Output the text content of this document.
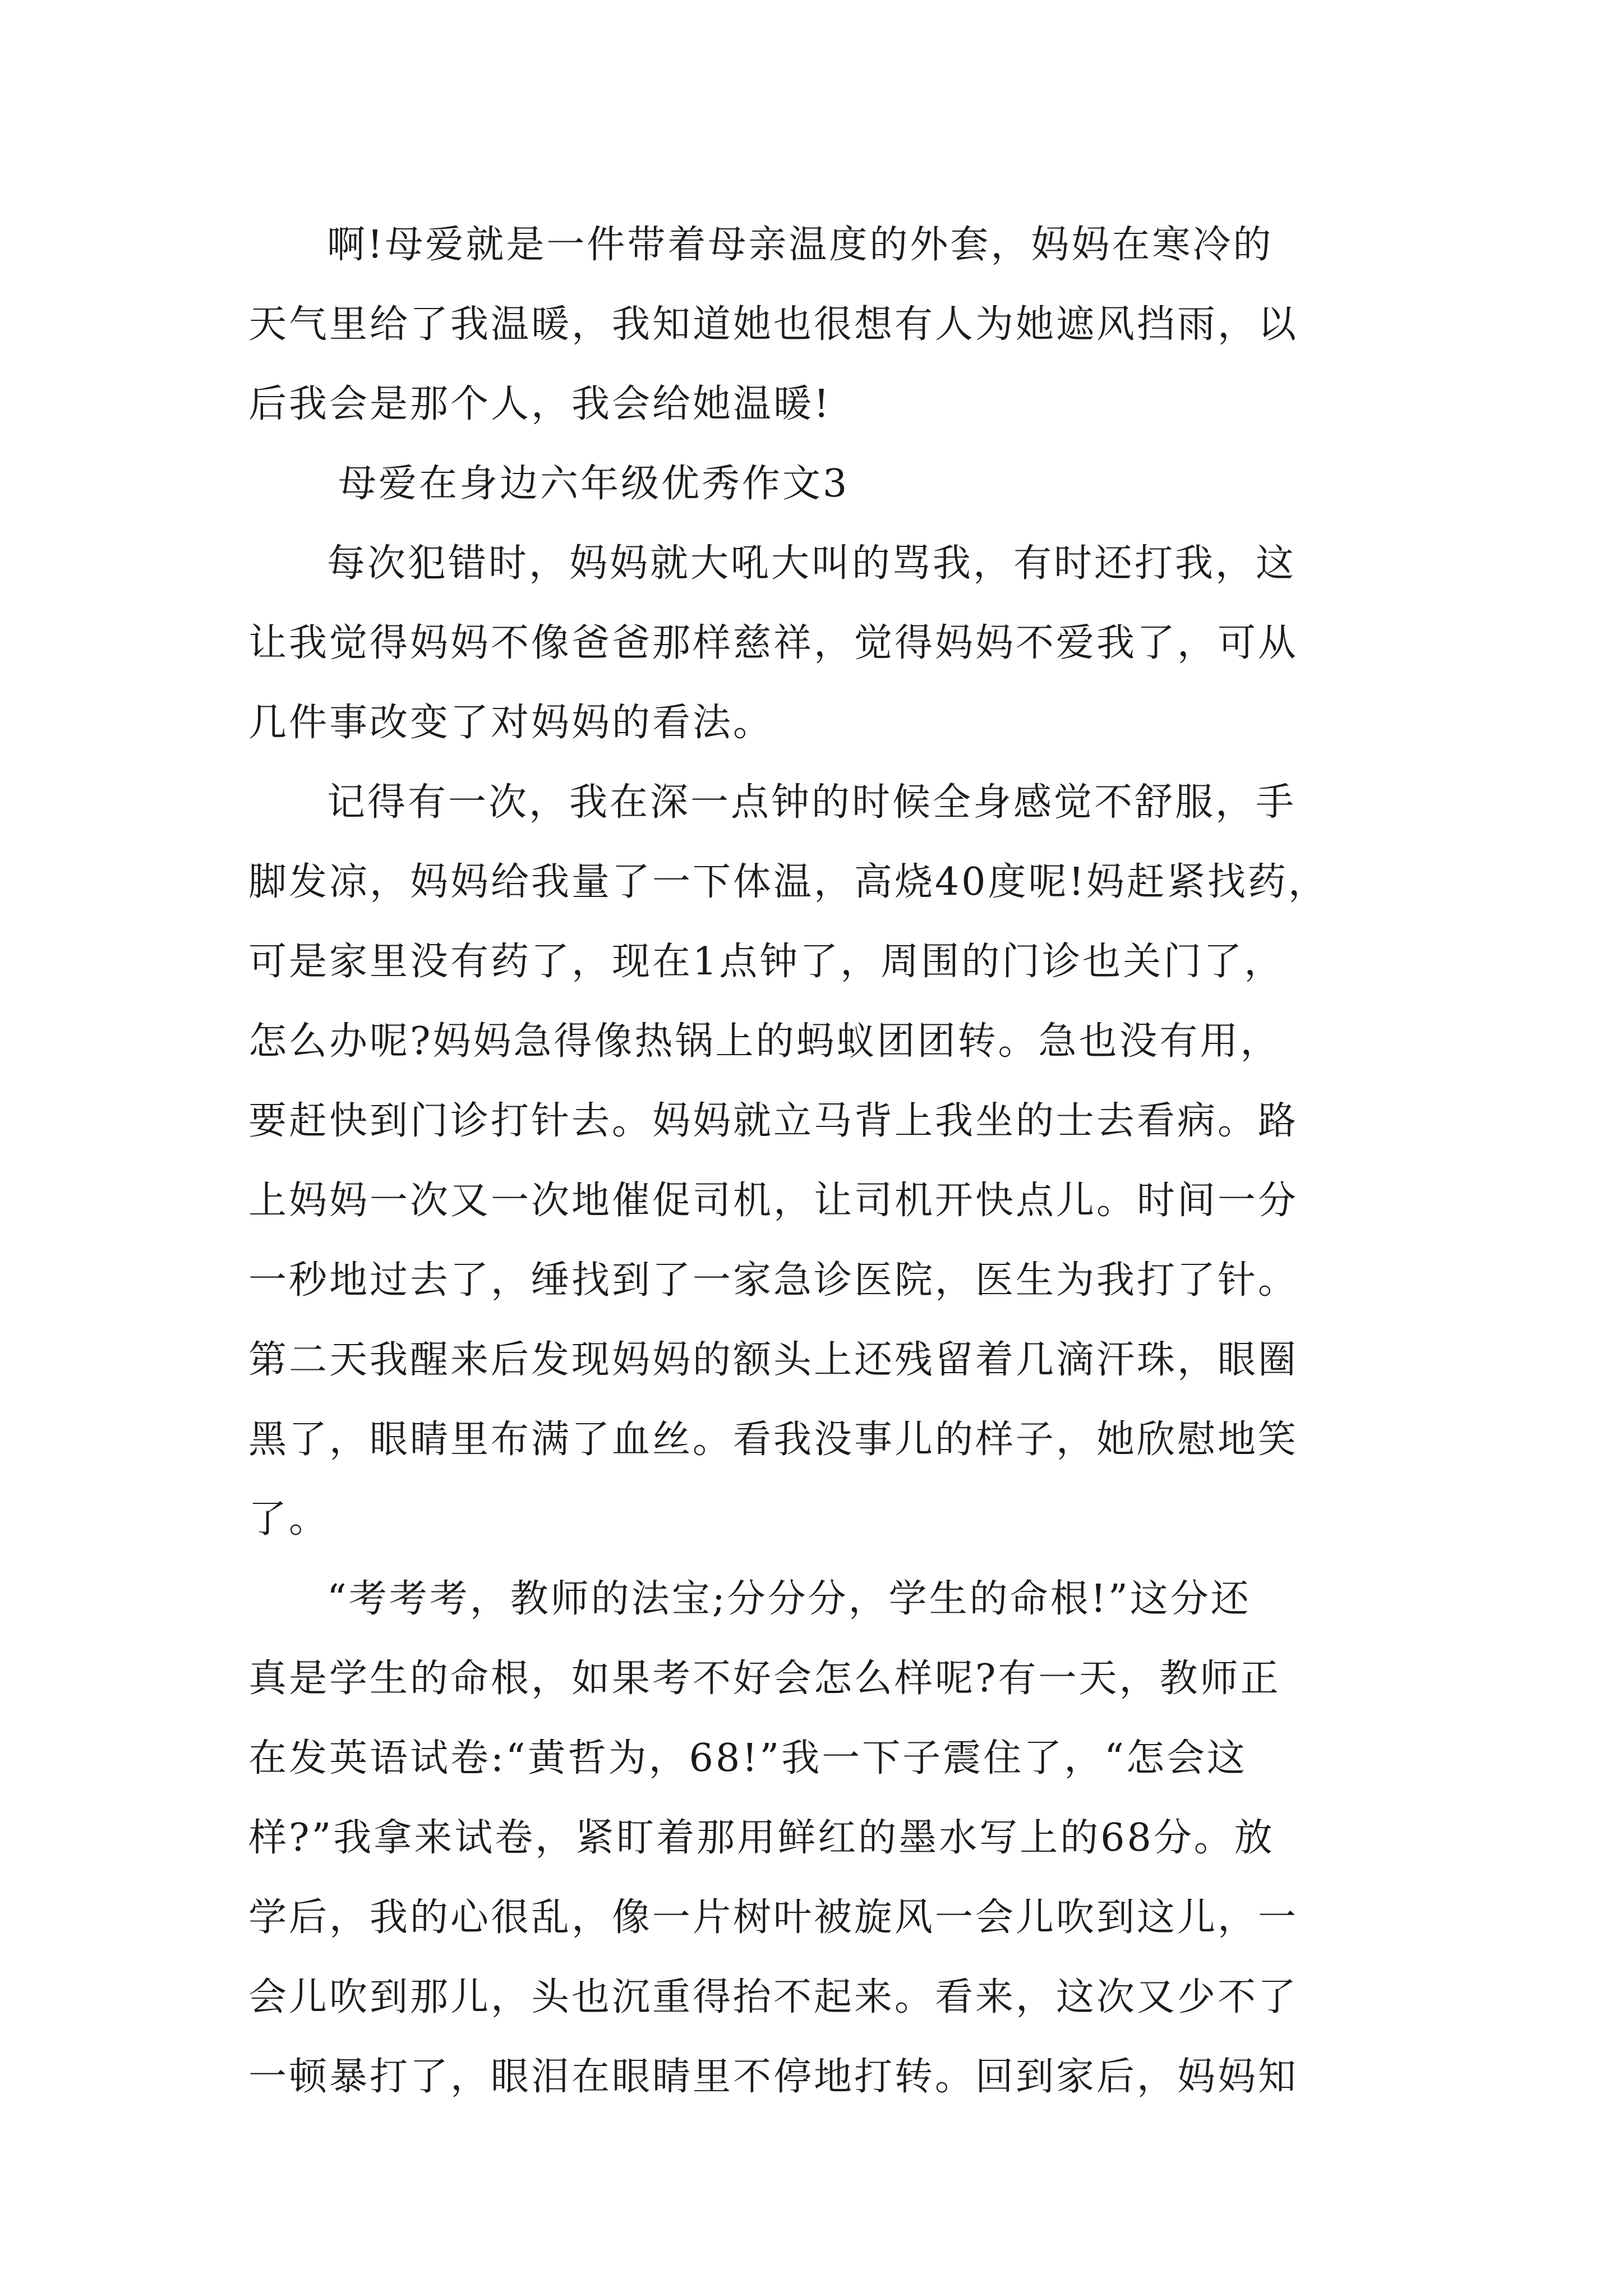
啊!母爱就是一件带着母亲温度的外套，妈妈在寒冷的
天气里给了我温暖，我知道她也很想有人为她遮风挡雨，以
后我会是那个人，我会给她温暖!
母爱在身边六年级优秀作文3
每次犯错时，妈妈就大吼大叫的骂我，有时还打我，这
让我觉得妈妈不像爸爸那样慈祥，觉得妈妈不爱我了，可从
几件事改变了对妈妈的看法。
记得有一次，我在深一点钟的时候全身感觉不舒服，手
脚发凉，妈妈给我量了一下体温，高烧40度呢!妈赶紧找药，
可是家里没有药了，现在1点钟了，周围的门诊也关门了，
怎么办呢?妈妈急得像热锅上的蚂蚁团团转。急也没有用，
要赶快到门诊打针去。妈妈就立马背上我坐的士去看病。路
上妈妈一次又一次地催促司机，让司机开快点儿。时间一分
一秒地过去了，缍找到了一家急诊医院，医生为我打了针。
第二天我醒来后发现妈妈的额头上还残留着几滴汗珠，眼圈
黑了，眼睛里布满了血丝。看我没事儿的样子，她欣慰地笑
了。
“考考考，教师的法宝;分分分，学生的命根!”这分还
真是学生的命根，如果考不好会怎么样呢?有一天，教师正
在发英语试卷:“黄哲为，68!”我一下子震住了，“怎会这
样?”我拿来试卷，紧盯着那用鲜红的墨水写上的68分。放
学后，我的心很乱，像一片树叶被旋风一会儿吹到这儿，一
会儿吹到那儿，头也沉重得抬不起来。看来，这次又少不了
一顿暴打了，眼泪在眼睛里不停地打转。回到家后，妈妈知
